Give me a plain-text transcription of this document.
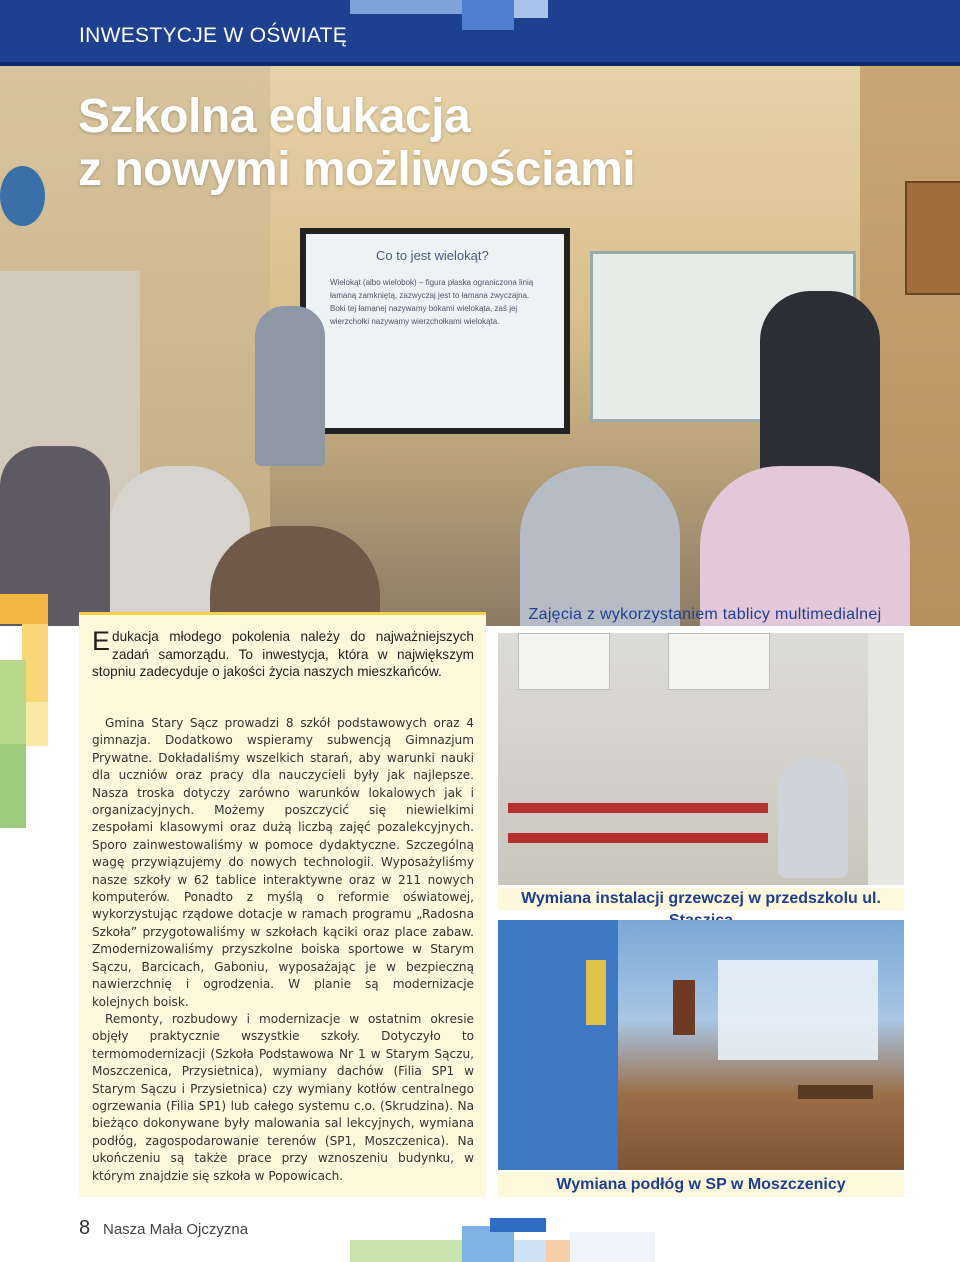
INWESTYCJE W OŚWIATĘ
Co to jest wielokąt?
Wielokąt (albo wielobok) – figura płaska ograniczona linią łamaną zamkniętą, zazwyczaj jest to łamana zwyczajna. Boki tej łamanej nazywamy bokami wielokąta, zaś jej wierzchołki nazywamy wierzchołkami wielokąta.
Szkolna edukacja
z nowymi możliwościami
Edukacja młodego pokolenia należy do najważniejszych zadań samorządu. To inwestycja, która w największym stopniu zadecyduje o jakości życia naszych mieszkańców.

Gmina Stary Sącz prowadzi 8 szkół podstawowych oraz 4 gimnazja. Dodatkowo wspieramy subwencją Gimnazjum Prywatne. Dokładaliśmy wszelkich starań, aby warunki nauki dla uczniów oraz pracy dla nauczycieli były jak najlepsze. Nasza troska dotyczy zarówno warunków lokalowych jak i organizacyjnych. Możemy poszczycić się niewielkimi zespołami klasowymi oraz dużą liczbą zajęć pozalekcyjnych. Sporo zainwestowaliśmy w pomoce dydaktyczne. Szczególną wagę przywiązujemy do nowych technologii. Wyposażyliśmy nasze szkoły w 62 tablice interaktywne oraz w 211 nowych komputerów. Ponadto z myślą o reformie oświatowej, wykorzystując rządowe dotacje w ramach programu „Radosna Szkoła” przygotowaliśmy w szkołach kąciki oraz place zabaw. Zmodernizowaliśmy przyszkolne boiska sportowe w Starym Sączu, Barcicach, Gaboniu, wyposażając je w bezpieczną nawierzchnię i ogrodzenia. W planie są modernizacje kolejnych boisk.

Remonty, rozbudowy i modernizacje w ostatnim okresie objęły praktycznie wszystkie szkoły. Dotyczyło to termomodernizacji (Szkoła Podstawowa Nr 1 w Starym Sączu, Moszczenica, Przysietnica), wymiany dachów (Filia SP1 w Starym Sączu i Przysietnica) czy wymiany kotłów centralnego ogrzewania (Filia SP1) lub całego systemu c.o. (Skrudzina). Na bieżąco dokonywane były malowania sal lekcyjnych, wymiana podłóg, zagospodarowanie terenów (SP1, Moszczenica). Na ukończeniu są także prace przy wznoszeniu budynku, w którym znajdzie się szkoła w Popowicach.

Zajęcia z wykorzystaniem tablicy multimedialnej
Wymiana instalacji grzewczej w przedszkolu ul.
Wymiana podłóg w SP w Moszczenicy
8 Nasza Mała Ojczyzna
